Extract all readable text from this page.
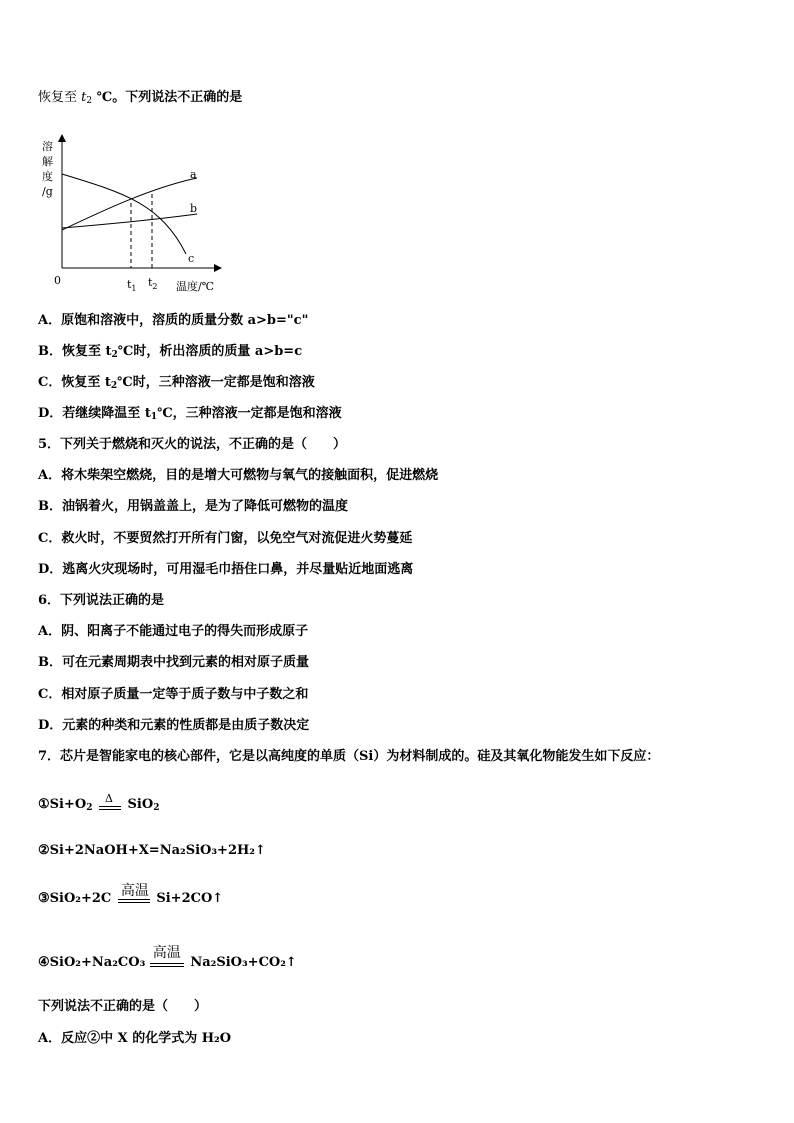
恢复至 $t_2$ ℃。下列说法不正确的是
溶
解
度
/g
0	温度/℃
a
b
c
$t_1$ $t_2$
A．原饱和溶液中，溶质的质量分数 a>b="c"
B．恢复至 $t_2℃$时，析出溶质的质量 a>b=c
C．恢复至 $t_2℃$时，三种溶液一定都是饱和溶液
D．若继续降温至 $t_1℃$，三种溶液一定都是饱和溶液
5．下列关于燃烧和灭火的说法，不正确的是（　　）
A．将木柴架空燃烧，目的是增大可燃物与氧气的接触面积，促进燃烧
B．油锅着火，用锅盖盖上，是为了降低可燃物的温度
C．救火时，不要贸然打开所有门窗，以免空气对流促进火势蔓延
D．逃离火灾现场时，可用湿毛巾捂住口鼻，并尽量贴近地面逃离
6．下列说法正确的是
A．阴、阳离子不能通过电子的得失而形成原子
B．可在元素周期表中找到元素的相对原子质量
C．相对原子质量一定等于质子数与中子数之和
D．元素的种类和元素的性质都是由质子数决定
7．芯片是智能家电的核心部件，它是以高纯度的单质（Si）为材料制成的。硅及其氧化物能发生如下反应：
$①Si+O_2$
Δ SiO$_2$
②Si+2NaOH+X=Na₂SiO₃+2H₂↑
③SiO₂+2C 高温 Si+2CO↑
④SiO₂+Na₂CO₃
高温
Na₂SiO₃+CO₂↑
下列说法不正确的是（　　）
A．反应②中 X 的化学式为 H₂O
